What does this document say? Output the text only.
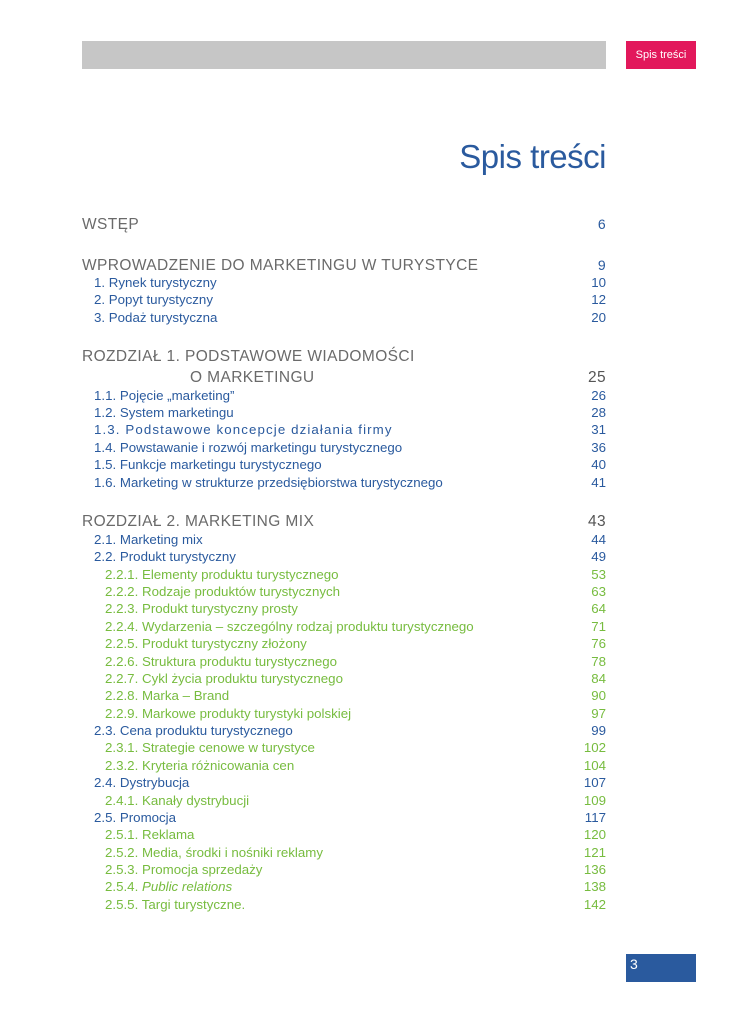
Spis treści
Spis treści
WSTĘP	6
WPROWADZENIE DO MARKETINGU W TURYSTYCE	9
1. Rynek turystyczny	10
2. Popyt turystyczny	12
3. Podaż turystyczna	20
ROZDZIAŁ 1. PODSTAWOWE WIADOMOŚCI
O MARKETINGU	25
1.1. Pojęcie „marketing”	26
1.2. System marketingu	28
1.3. Podstawowe koncepcje działania firmy	31
1.4. Powstawanie i rozwój marketingu turystycznego	36
1.5. Funkcje marketingu turystycznego	40
1.6. Marketing w strukturze przedsiębiorstwa turystycznego	41
ROZDZIAŁ 2. MARKETING MIX	43
2.1. Marketing mix	44
2.2. Produkt turystyczny	49
2.2.1. Elementy produktu turystycznego	53
2.2.2. Rodzaje produktów turystycznych	63
2.2.3. Produkt turystyczny prosty	64
2.2.4. Wydarzenia – szczególny rodzaj produktu turystycznego	71
2.2.5. Produkt turystyczny złożony	76
2.2.6. Struktura produktu turystycznego	78
2.2.7. Cykl życia produktu turystycznego	84
2.2.8. Marka – Brand	90
2.2.9. Markowe produkty turystyki polskiej	97
2.3. Cena produktu turystycznego	99
2.3.1. Strategie cenowe w turystyce	102
2.3.2. Kryteria różnicowania cen	104
2.4. Dystrybucja	107
2.4.1. Kanały dystrybucji	109
2.5. Promocja	117
2.5.1. Reklama	120
2.5.2. Media, środki i nośniki reklamy	121
2.5.3. Promocja sprzedaży	136
2.5.4. Public relations	138
2.5.5. Targi turystyczne.	142
3
